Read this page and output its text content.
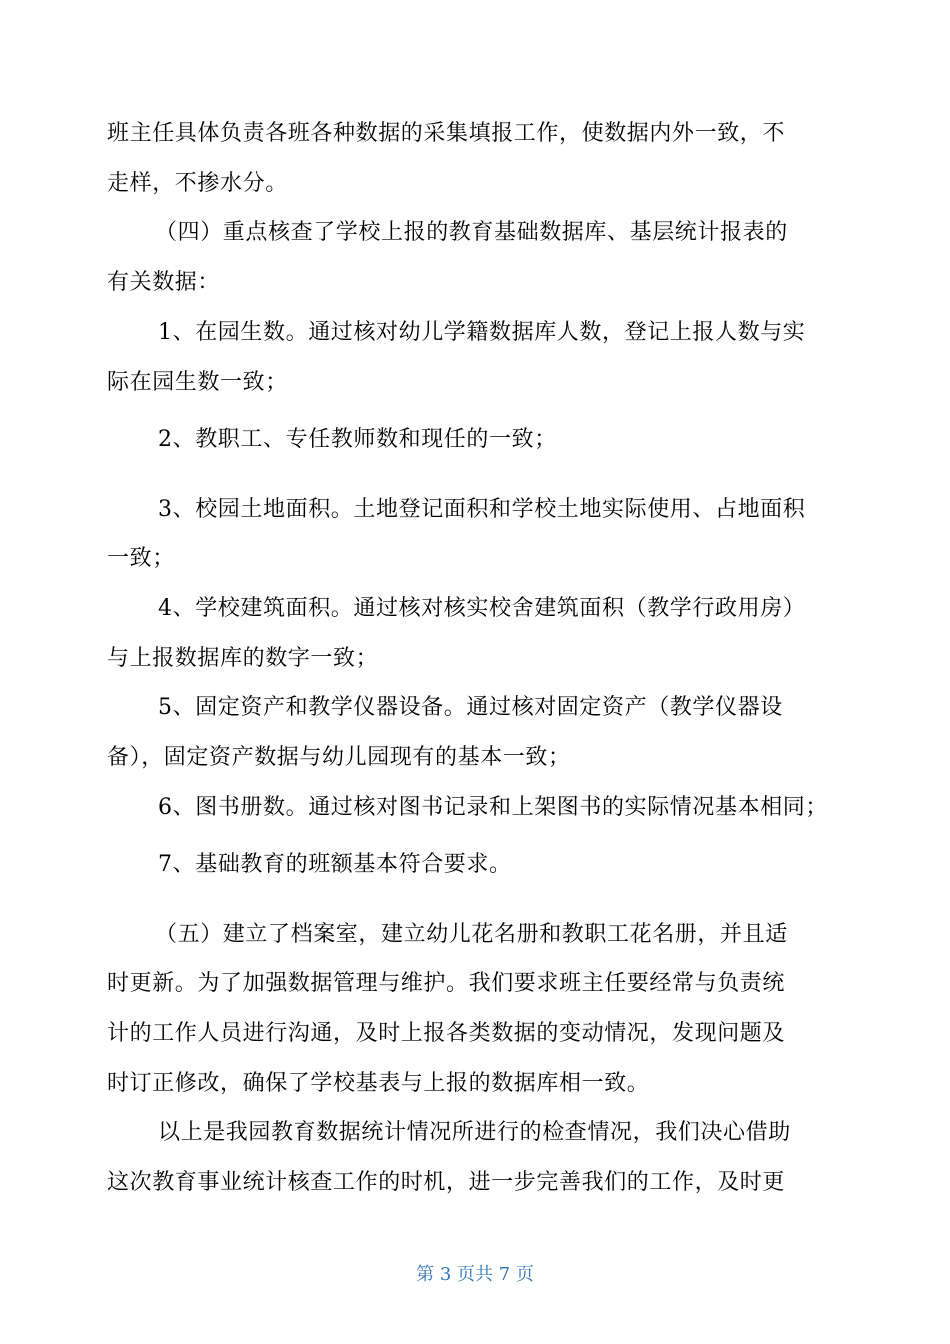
班主任具体负责各班各种数据的采集填报工作，使数据内外一致，不
走样，不掺水分。
（四）重点核查了学校上报的教育基础数据库、基层统计报表的
有关数据：
1、在园生数。通过核对幼儿学籍数据库人数，登记上报人数与实
际在园生数一致；
2、教职工、专任教师数和现任的一致；
3、校园土地面积。土地登记面积和学校土地实际使用、占地面积
一致；
4、学校建筑面积。通过核对核实校舍建筑面积（教学行政用房）
与上报数据库的数字一致；
5、固定资产和教学仪器设备。通过核对固定资产（教学仪器设
备），固定资产数据与幼儿园现有的基本一致；
6、图书册数。通过核对图书记录和上架图书的实际情况基本相同；
7、基础教育的班额基本符合要求。
（五）建立了档案室，建立幼儿花名册和教职工花名册，并且适
时更新。为了加强数据管理与维护。我们要求班主任要经常与负责统
计的工作人员进行沟通，及时上报各类数据的变动情况，发现问题及
时订正修改，确保了学校基表与上报的数据库相一致。
以上是我园教育数据统计情况所进行的检查情况，我们决心借助
这次教育事业统计核查工作的时机，进一步完善我们的工作，及时更
第 3 页共 7 页
